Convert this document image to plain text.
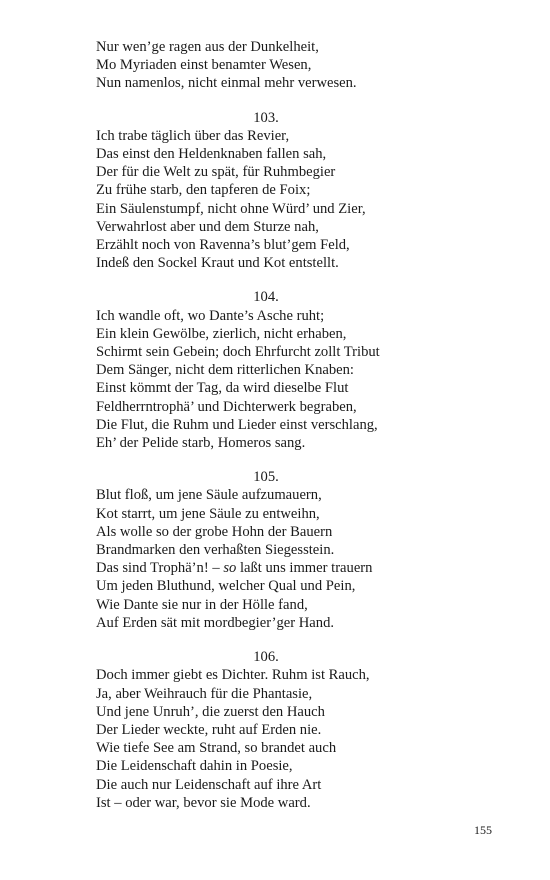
Nur wen’ge ragen aus der Dunkelheit,
Mo Myriaden einst benamter Wesen,
Nun namenlos, nicht einmal mehr verwesen.
103.
Ich trabe täglich über das Revier,
Das einst den Heldenknaben fallen sah,
Der für die Welt zu spät, für Ruhmbegier
Zu frühe starb, den tapferen de Foix;
Ein Säulenstumpf, nicht ohne Würd’ und Zier,
Verwahrlost aber und dem Sturze nah,
Erzählt noch von Ravenna’s blut’gem Feld,
Indeß den Sockel Kraut und Kot entstellt.
104.
Ich wandle oft, wo Dante’s Asche ruht;
Ein klein Gewölbe, zierlich, nicht erhaben,
Schirmt sein Gebein; doch Ehrfurcht zollt Tribut
Dem Sänger, nicht dem ritterlichen Knaben:
Einst kömmt der Tag, da wird dieselbe Flut
Feldherrntrophä’ und Dichterwerk begraben,
Die Flut, die Ruhm und Lieder einst verschlang,
Eh’ der Pelide starb, Homeros sang.
105.
Blut floß, um jene Säule aufzumauern,
Kot starrt, um jene Säule zu entweihn,
Als wolle so der grobe Hohn der Bauern
Brandmarken den verhaßten Siegesstein.
Das sind Trophä’n! – so laßt uns immer trauern
Um jeden Bluthund, welcher Qual und Pein,
Wie Dante sie nur in der Hölle fand,
Auf Erden sät mit mordbegier’ger Hand.
106.
Doch immer giebt es Dichter. Ruhm ist Rauch,
Ja, aber Weihrauch für die Phantasie,
Und jene Unruh’, die zuerst den Hauch
Der Lieder weckte, ruht auf Erden nie.
Wie tiefe See am Strand, so brandet auch
Die Leidenschaft dahin in Poesie,
Die auch nur Leidenschaft auf ihre Art
Ist – oder war, bevor sie Mode ward.
155
